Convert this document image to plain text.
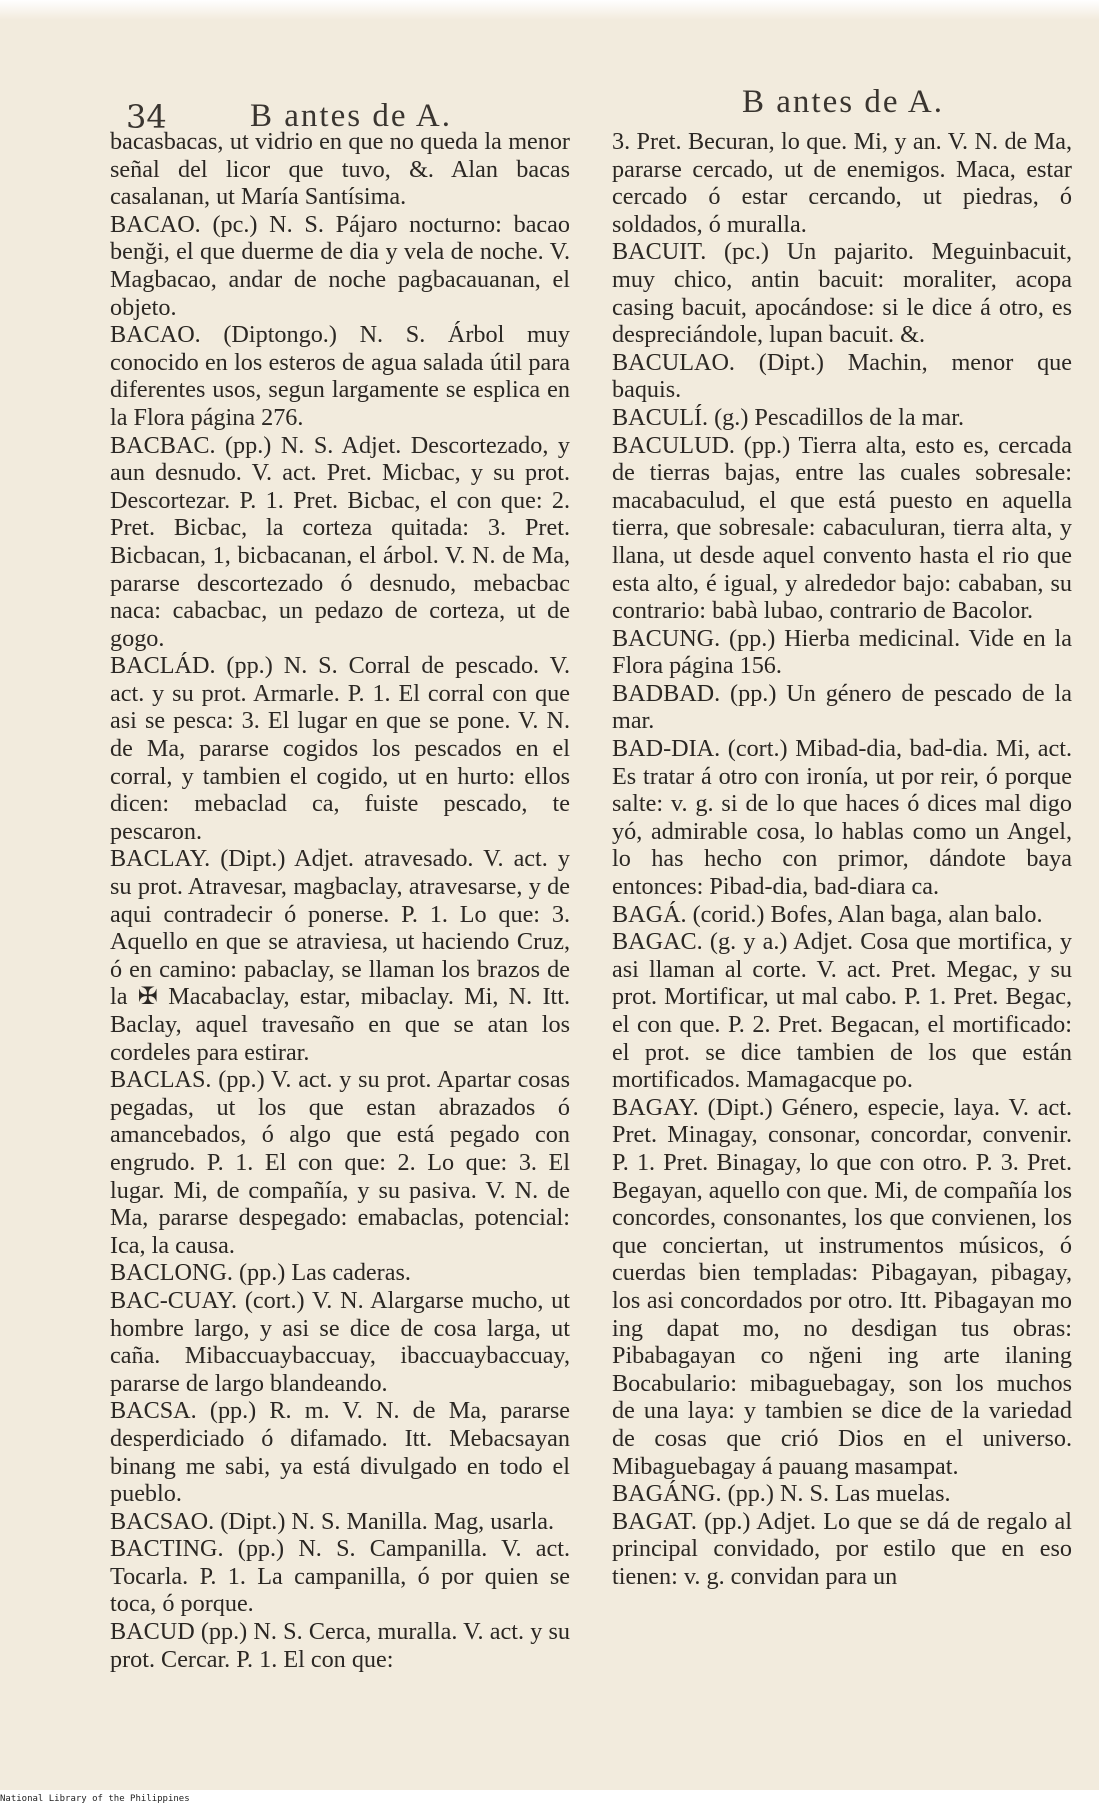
34	B antes de A.	B antes de A.

bacasbacas, ut vidrio en que no queda la menor señal del licor que tuvo, &. Alan bacas casalanan, ut María Santísima.

BACAO. (pc.) N. S. Pájaro nocturno: bacao benği, el que duerme de dia y vela de noche. V. Magbacao, andar de noche pagbacauanan, el objeto.

BACAO. (Diptongo.) N. S. Árbol muy conocido en los esteros de agua salada útil para diferentes usos, segun largamente se esplica en la Flora página 276.

BACBAC. (pp.) N. S. Adjet. Descortezado, y aun desnudo. V. act. Pret. Micbac, y su prot. Descortezar. P. 1. Pret. Bicbac, el con que: 2. Pret. Bicbac, la corteza quitada: 3. Pret. Bicbacan, 1, bicbacanan, el árbol. V. N. de Ma, pararse descortezado ó desnudo, mebacbac naca: cabacbac, un pedazo de corteza, ut de gogo.

BACLÁD. (pp.) N. S. Corral de pescado. V. act. y su prot. Armarle. P. 1. El corral con que asi se pesca: 3. El lugar en que se pone. V. N. de Ma, pararse cogidos los pescados en el corral, y tambien el cogido, ut en hurto: ellos dicen: mebaclad ca, fuiste pescado, te pescaron.

BACLAY. (Dipt.) Adjet. atravesado. V. act. y su prot. Atravesar, magbaclay, atravesarse, y de aqui contradecir ó ponerse. P. 1. Lo que: 3. Aquello en que se atraviesa, ut haciendo Cruz, ó en camino: pabaclay, se llaman los brazos de la ✠ Macabaclay, estar, mibaclay. Mi, N. Itt. Baclay, aquel travesaño en que se atan los cordeles para estirar.

BACLAS. (pp.) V. act. y su prot. Apartar cosas pegadas, ut los que estan abrazados ó amancebados, ó algo que está pegado con engrudo. P. 1. El con que: 2. Lo que: 3. El lugar. Mi, de compañía, y su pasiva. V. N. de Ma, pararse despegado: emabaclas, potencial: Ica, la causa.

BACLONG. (pp.) Las caderas.

BAC-CUAY. (cort.) V. N. Alargarse mucho, ut hombre largo, y asi se dice de cosa larga, ut caña. Mibaccuaybaccuay, ibaccuaybaccuay, pararse de largo blandeando.

BACSA. (pp.) R. m. V. N. de Ma, pararse desperdiciado ó difamado. Itt. Mebacsayan binang me sabi, ya está divulgado en todo el pueblo.

BACSAO. (Dipt.) N. S. Manilla. Mag, usarla.

BACTING. (pp.) N. S. Campanilla. V. act. Tocarla. P. 1. La campanilla, ó por quien se toca, ó porque.

BACUD (pp.) N. S. Cerca, muralla. V. act. y su prot. Cercar. P. 1. El con que:

3. Pret. Becuran, lo que. Mi, y an. V. N. de Ma, pararse cercado, ut de enemigos. Maca, estar cercado ó estar cercando, ut piedras, ó soldados, ó muralla.

BACUIT. (pc.) Un pajarito. Meguinbacuit, muy chico, antin bacuit: moraliter, acopa casing bacuit, apocándose: si le dice á otro, es despreciándole, lupan bacuit. &.

BACULAO. (Dipt.) Machin, menor que baquis.

BACULÍ. (g.) Pescadillos de la mar.

BACULUD. (pp.) Tierra alta, esto es, cercada de tierras bajas, entre las cuales sobresale: macabaculud, el que está puesto en aquella tierra, que sobresale: cabaculuran, tierra alta, y llana, ut desde aquel convento hasta el rio que esta alto, é igual, y alrededor bajo: cababan, su contrario: babà lubao, contrario de Bacolor.

BACUNG. (pp.) Hierba medicinal. Vide en la Flora página 156.

BADBAD. (pp.) Un género de pescado de la mar.

BAD-DIA. (cort.) Mibad-dia, bad-dia. Mi, act. Es tratar á otro con ironía, ut por reir, ó porque salte: v. g. si de lo que haces ó dices mal digo yó, admirable cosa, lo hablas como un Angel, lo has hecho con primor, dándote baya entonces: Pibad-dia, bad-diara ca.

BAGÁ. (corid.) Bofes, Alan baga, alan balo.

BAGAC. (g. y a.) Adjet. Cosa que mortifica, y asi llaman al corte. V. act. Pret. Megac, y su prot. Mortificar, ut mal cabo. P. 1. Pret. Begac, el con que. P. 2. Pret. Begacan, el mortificado: el prot. se dice tambien de los que están mortificados. Mamagacque po.

BAGAY. (Dipt.) Género, especie, laya. V. act. Pret. Minagay, consonar, concordar, convenir. P. 1. Pret. Binagay, lo que con otro. P. 3. Pret. Begayan, aquello con que. Mi, de compañía los concordes, consonantes, los que convienen, los que conciertan, ut instrumentos músicos, ó cuerdas bien templadas: Pibagayan, pibagay, los asi concordados por otro. Itt. Pibagayan mo ing dapat mo, no desdigan tus obras: Pibabagayan co nğeni ing arte ilaning Bocabulario: mibaguebagay, son los muchos de una laya: y tambien se dice de la variedad de cosas que crió Dios en el universo. Mibaguebagay á pauang masampat.

BAGÁNG. (pp.) N. S. Las muelas.

BAGAT. (pp.) Adjet. Lo que se dá de regalo al principal convidado, por estilo que en eso tienen: v. g. convidan para un

National Library of the Philippines
